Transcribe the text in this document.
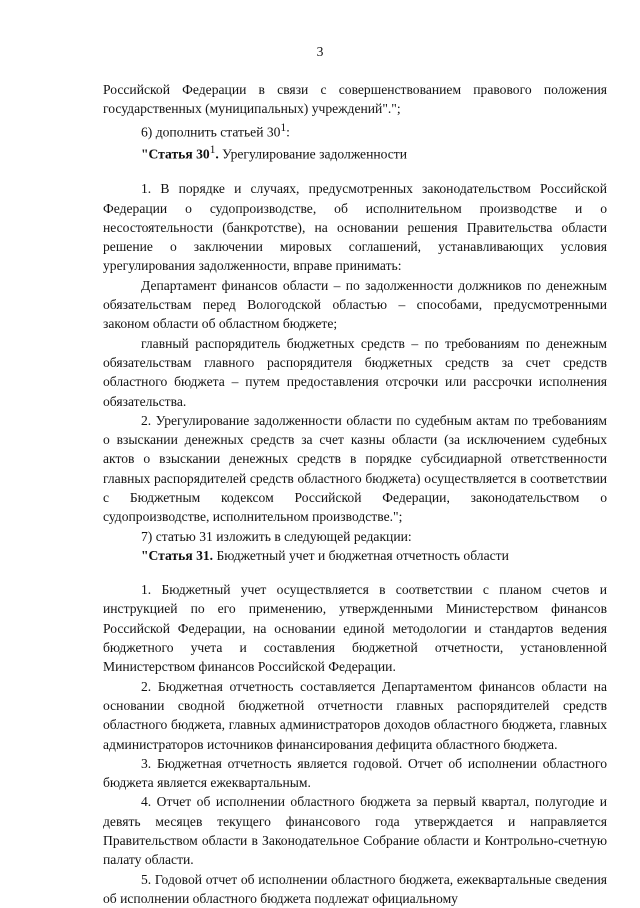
3

Российской Федерации в связи с совершенствованием правового положения государственных (муниципальных) учреждений".";

6) дополнить статьей $30^1$:

"Статья $30^1$. Урегулирование задолженности

1. В порядке и случаях, предусмотренных законодательством Российской Федерации о судопроизводстве, об исполнительном производстве и о несостоятельности (банкротстве), на основании решения Правительства области решение о заключении мировых соглашений, устанавливающих условия урегулирования задолженности, вправе принимать:

Департамент финансов области – по задолженности должников по денежным обязательствам перед Вологодской областью – способами, предусмотренными законом области об областном бюджете;

главный распорядитель бюджетных средств – по требованиям по денежным обязательствам главного распорядителя бюджетных средств за счет средств областного бюджета – путем предоставления отсрочки или рассрочки исполнения обязательства.

2. Урегулирование задолженности области по судебным актам по требованиям о взыскании денежных средств за счет казны области (за исключением судебных актов о взыскании денежных средств в порядке субсидиарной ответственности главных распорядителей средств областного бюджета) осуществляется в соответствии с Бюджетным кодексом Российской Федерации, законодательством о судопроизводстве, исполнительном производстве.";

7) статью 31 изложить в следующей редакции:

"Статья 31. Бюджетный учет и бюджетная отчетность области

1. Бюджетный учет осуществляется в соответствии с планом счетов и инструкцией по его применению, утвержденными Министерством финансов Российской Федерации, на основании единой методологии и стандартов ведения бюджетного учета и составления бюджетной отчетности, установленной Министерством финансов Российской Федерации.

2. Бюджетная отчетность составляется Департаментом финансов области на основании сводной бюджетной отчетности главных распорядителей средств областного бюджета, главных администраторов доходов областного бюджета, главных администраторов источников финансирования дефицита областного бюджета.

3. Бюджетная отчетность является годовой. Отчет об исполнении областного бюджета является ежеквартальным.

4. Отчет об исполнении областного бюджета за первый квартал, полугодие и девять месяцев текущего финансового года утверждается и направляется Правительством области в Законодательное Собрание области и Контрольно-счетную палату области.

5. Годовой отчет об исполнении областного бюджета, ежеквартальные сведения об исполнении областного бюджета подлежат официальному
